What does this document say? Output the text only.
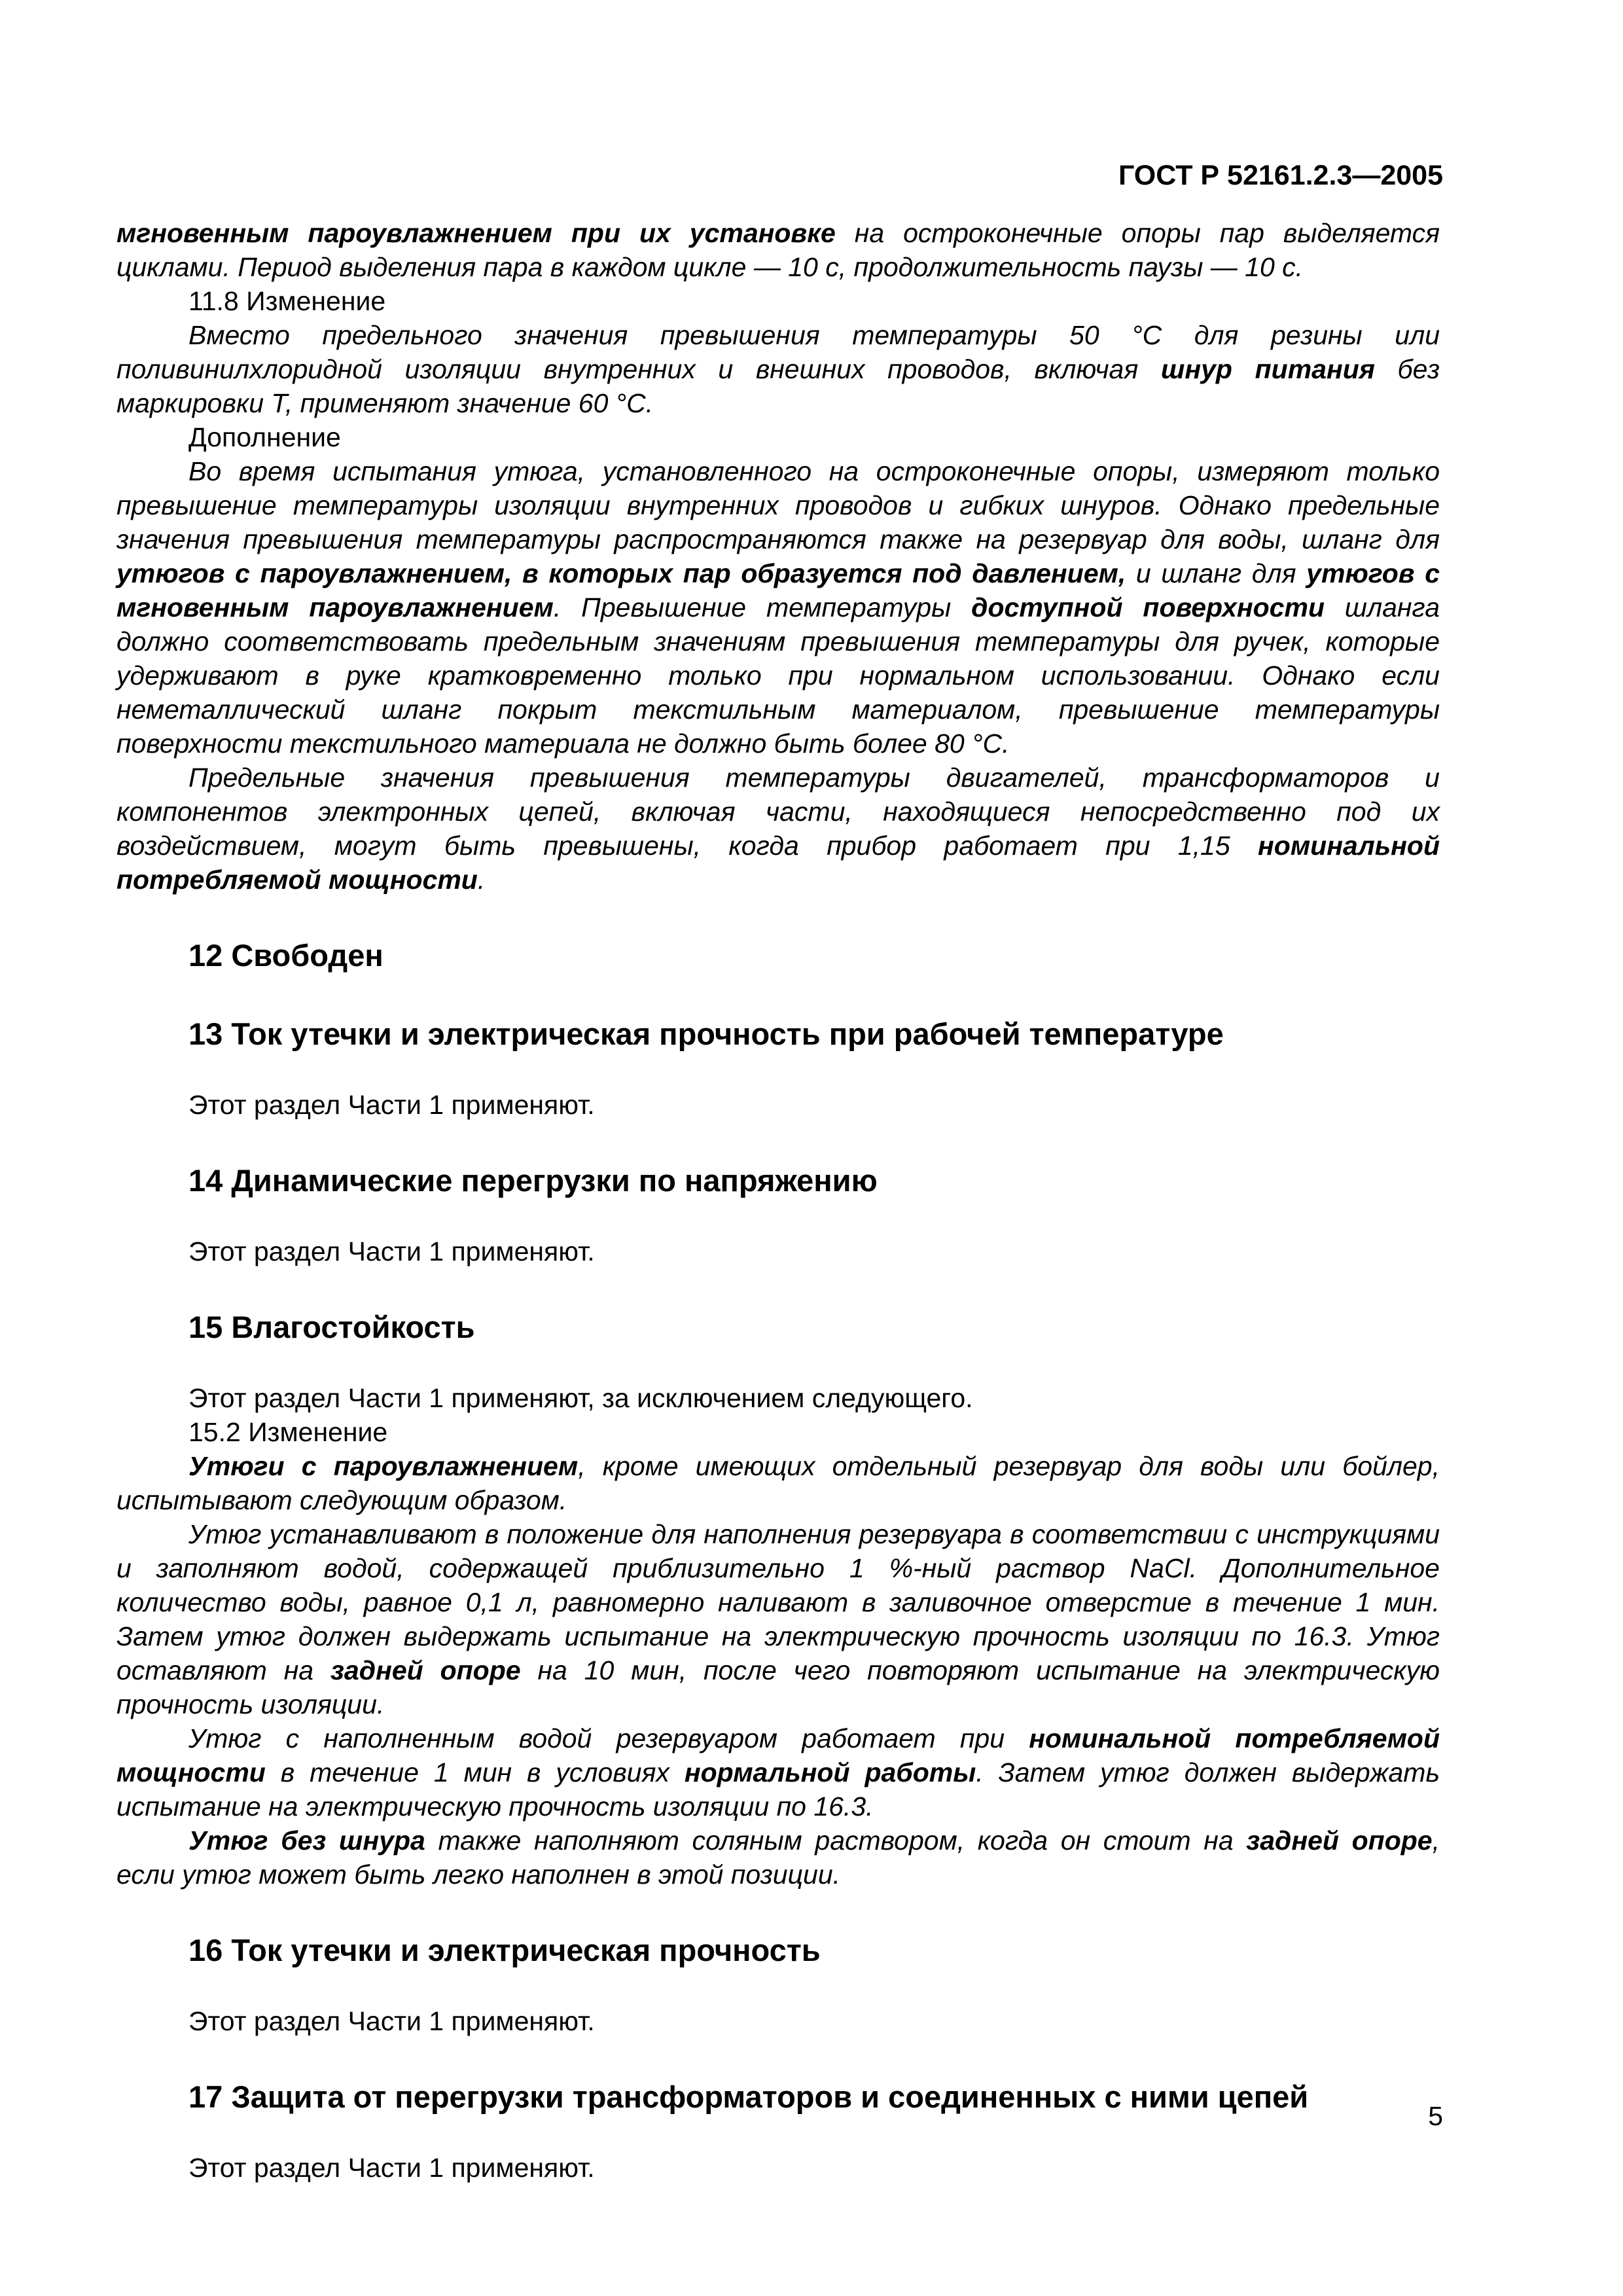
ГОСТ Р 52161.2.3—2005

мгновенным пароувлажнением при их установке на остроконечные опоры пар выделяется циклами. Период выделения пара в каждом цикле — 10 с, продолжительность паузы — 10 с.

11.8 Изменение

Вместо предельного значения превышения температуры 50 °С для резины или поливинилхлоридной изоляции внутренних и внешних проводов, включая шнур питания без маркировки Т, применяют значение 60 °С.

Дополнение

Во время испытания утюга, установленного на остроконечные опоры, измеряют только превышение температуры изоляции внутренних проводов и гибких шнуров. Однако предельные значения превышения температуры распространяются также на резервуар для воды, шланг для утюгов с пароувлажнением, в которых пар образуется под давлением, и шланг для утюгов с мгновенным пароувлажнением. Превышение температуры доступной поверхности шланга должно соответствовать предельным значениям превышения температуры для ручек, которые удерживают в руке кратковременно только при нормальном использовании. Однако если неметаллический шланг покрыт текстильным материалом, превышение температуры поверхности текстильного материала не должно быть более 80 °С.

Предельные значения превышения температуры двигателей, трансформаторов и компонентов электронных цепей, включая части, находящиеся непосредственно под их воздействием, могут быть превышены, когда прибор работает при 1,15 номинальной потребляемой мощности.

12 Свободен
13 Ток утечки и электрическая прочность при рабочей температуре

Этот раздел Части 1 применяют.

14 Динамические перегрузки по напряжению

Этот раздел Части 1 применяют.

15 Влагостойкость

Этот раздел Части 1 применяют, за исключением следующего.

15.2 Изменение

Утюги с пароувлажнением, кроме имеющих отдельный резервуар для воды или бойлер, испытывают следующим образом.

Утюг устанавливают в положение для наполнения резервуара в соответствии с инструкциями и заполняют водой, содержащей приблизительно 1 %-ный раствор NaCl. Дополнительное количество воды, равное 0,1 л, равномерно наливают в заливочное отверстие в течение 1 мин. Затем утюг должен выдержать испытание на электрическую прочность изоляции по 16.3. Утюг оставляют на задней опоре на 10 мин, после чего повторяют испытание на электрическую прочность изоляции.

Утюг с наполненным водой резервуаром работает при номинальной потребляемой мощности в течение 1 мин в условиях нормальной работы. Затем утюг должен выдержать испытание на электрическую прочность изоляции по 16.3.

Утюг без шнура также наполняют соляным раствором, когда он стоит на задней опоре, если утюг может быть легко наполнен в этой позиции.

16 Ток утечки и электрическая прочность

Этот раздел Части 1 применяют.

17 Защита от перегрузки трансформаторов и соединенных с ними цепей

Этот раздел Части 1 применяют.

5
